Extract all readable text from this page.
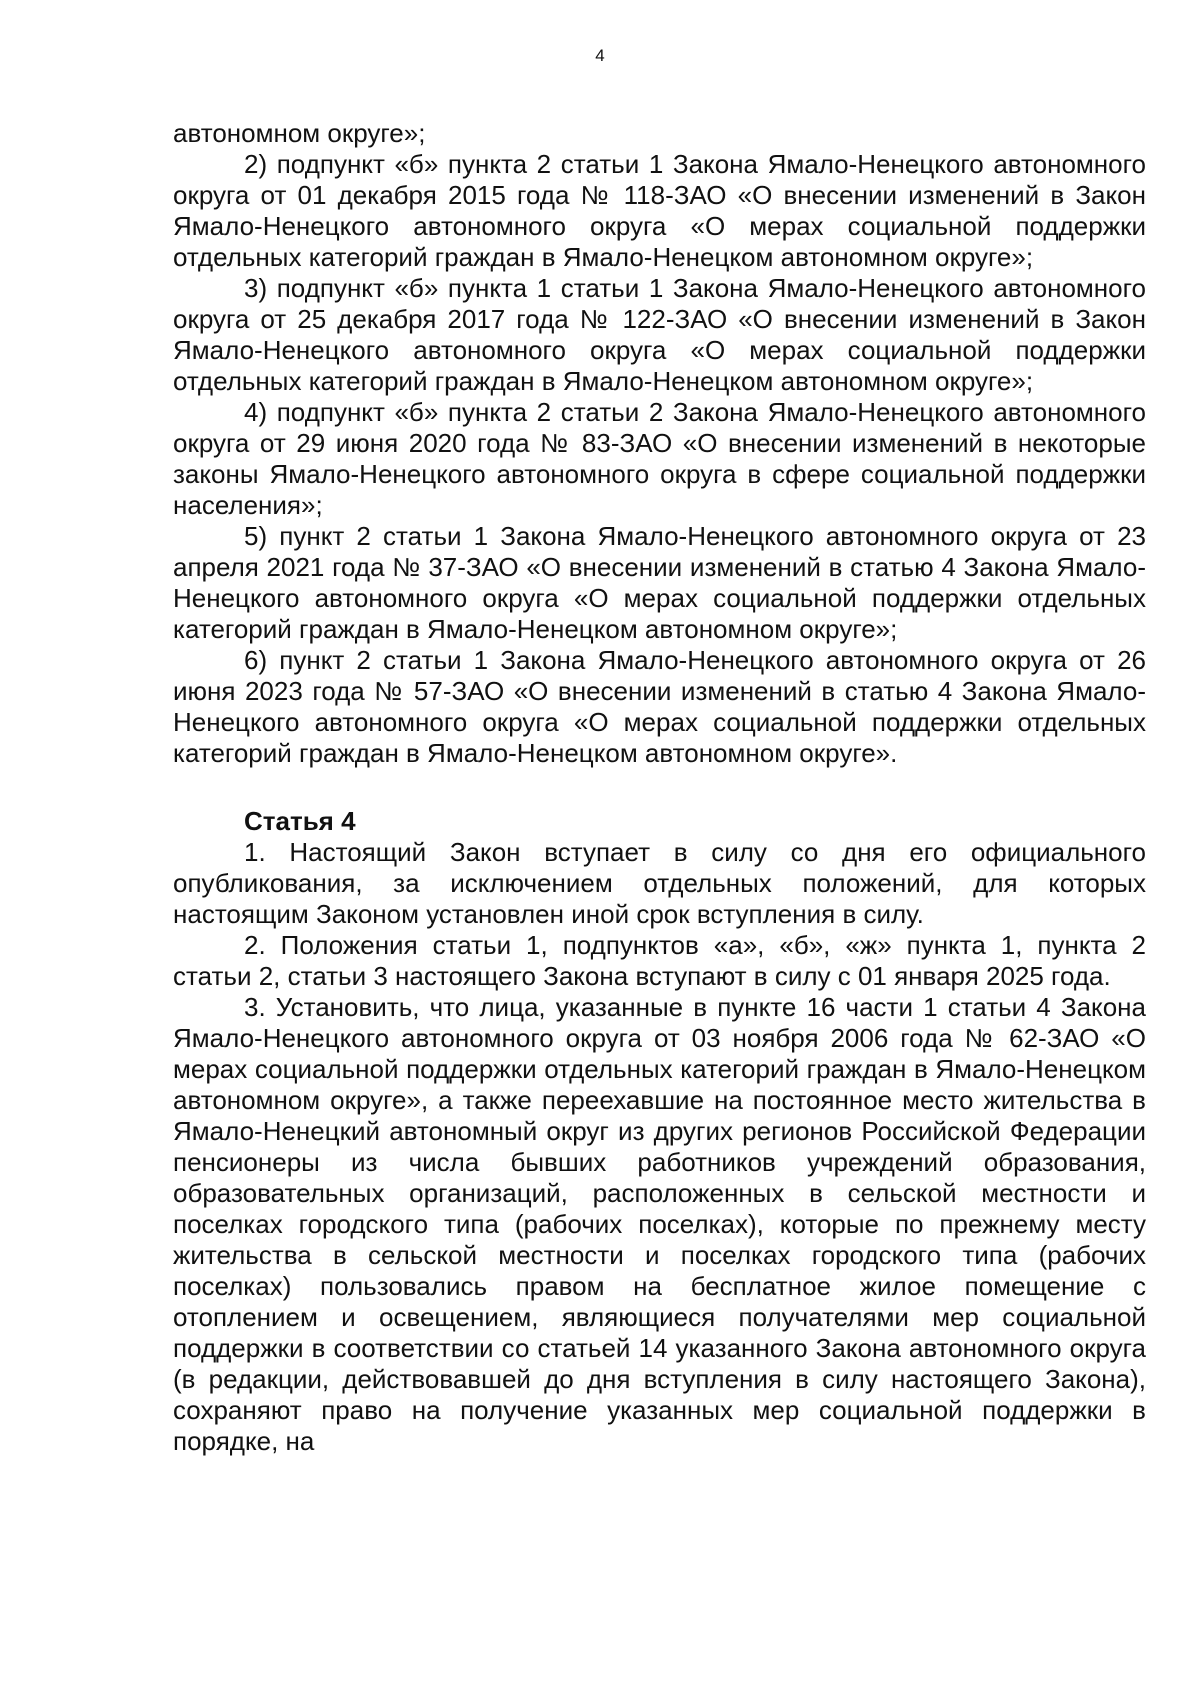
4

автономном округе»;

2) подпункт «б» пункта 2 статьи 1 Закона Ямало-Ненецкого автономного округа от 01 декабря 2015 года № 118-ЗАО «О внесении изменений в Закон Ямало-Ненецкого автономного округа «О мерах социальной поддержки отдельных категорий граждан в Ямало-Ненецком автономном округе»;

3) подпункт «б» пункта 1 статьи 1 Закона Ямало-Ненецкого автономного округа от 25 декабря 2017 года № 122-ЗАО «О внесении изменений в Закон Ямало-Ненецкого автономного округа «О мерах социальной поддержки отдельных категорий граждан в Ямало-Ненецком автономном округе»;

4) подпункт «б» пункта 2 статьи 2 Закона Ямало-Ненецкого автономного округа от 29 июня 2020 года № 83-ЗАО «О внесении изменений в некоторые законы Ямало-Ненецкого автономного округа в сфере социальной поддержки населения»;

5) пункт 2 статьи 1 Закона Ямало-Ненецкого автономного округа от 23 апреля 2021 года № 37-ЗАО «О внесении изменений в статью 4 Закона Ямало-Ненецкого автономного округа «О мерах социальной поддержки отдельных категорий граждан в Ямало-Ненецком автономном округе»;

6) пункт 2 статьи 1 Закона Ямало-Ненецкого автономного округа от 26 июня 2023 года № 57-ЗАО «О внесении изменений в статью 4 Закона Ямало-Ненецкого автономного округа «О мерах социальной поддержки отдельных категорий граждан в Ямало-Ненецком автономном округе».

Статья 4

1. Настоящий Закон вступает в силу со дня его официального опубликования, за исключением отдельных положений, для которых настоящим Законом установлен иной срок вступления в силу.

2. Положения статьи 1, подпунктов «а», «б», «ж» пункта 1, пункта 2 статьи 2, статьи 3 настоящего Закона вступают в силу с 01 января 2025 года.

3. Установить, что лица, указанные в пункте 16 части 1 статьи 4 Закона Ямало-Ненецкого автономного округа от 03 ноября 2006 года № 62-ЗАО «О мерах социальной поддержки отдельных категорий граждан в Ямало-Ненецком автономном округе», а также переехавшие на постоянное место жительства в Ямало-Ненецкий автономный округ из других регионов Российской Федерации пенсионеры из числа бывших работников учреждений образования, образовательных организаций, расположенных в сельской местности и поселках городского типа (рабочих поселках), которые по прежнему месту жительства в сельской местности и поселках городского типа (рабочих поселках) пользовались правом на бесплатное жилое помещение с отоплением и освещением, являющиеся получателями мер социальной поддержки в соответствии со статьей 14 указанного Закона автономного округа (в редакции, действовавшей до дня вступления в силу настоящего Закона), сохраняют право на получение указанных мер социальной поддержки в порядке, на
